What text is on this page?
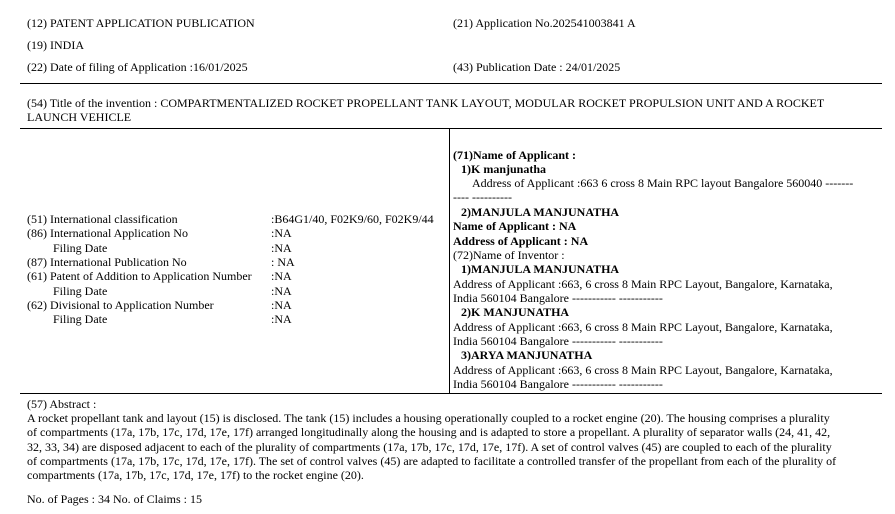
(12) PATENT APPLICATION PUBLICATION
(19) INDIA
(22) Date of filing of Application :16/01/2025
(21) Application No.202541003841 A
(43) Publication Date : 24/01/2025
(54) Title of the invention : COMPARTMENTALIZED ROCKET PROPELLANT TANK LAYOUT, MODULAR ROCKET PROPULSION UNIT AND A ROCKET
LAUNCH VEHICLE
(51) International classification	:B64G1/40, F02K9/60, F02K9/44
(86) International Application No	:NA
Filing Date	:NA
(87) International Publication No	: NA
(61) Patent of Addition to Application Number :NA
Filing Date	:NA
(62) Divisional to Application Number	:NA
Filing Date	:NA
(71)Name of Applicant :
1)K manjunatha
Address of Applicant :663 6 cross 8 Main RPC layout Bangalore 560040 -------
---- ----------
2)MANJULA MANJUNATHA
Name of Applicant : NA
Address of Applicant : NA
(72)Name of Inventor :
1)MANJULA MANJUNATHA
Address of Applicant :663, 6 cross 8 Main RPC Layout, Bangalore, Karnataka,
India 560104 Bangalore ----------- -----------
2)K MANJUNATHA
Address of Applicant :663, 6 cross 8 Main RPC Layout, Bangalore, Karnataka,
India 560104 Bangalore ----------- -----------
3)ARYA MANJUNATHA
Address of Applicant :663, 6 cross 8 Main RPC Layout, Bangalore, Karnataka,
India 560104 Bangalore ----------- -----------
(57) Abstract :
A rocket propellant tank and layout (15) is disclosed. The tank (15) includes a housing operationally coupled to a rocket engine (20). The housing comprises a plurality
of compartments (17a, 17b, 17c, 17d, 17e, 17f) arranged longitudinally along the housing and is adapted to store a propellant. A plurality of separator walls (24, 41, 42,
32, 33, 34) are disposed adjacent to each of the plurality of compartments (17a, 17b, 17c, 17d, 17e, 17f). A set of control valves (45) are coupled to each of the plurality
of compartments (17a, 17b, 17c, 17d, 17e, 17f). The set of control valves (45) are adapted to facilitate a controlled transfer of the propellant from each of the plurality of
compartments (17a, 17b, 17c, 17d, 17e, 17f) to the rocket engine (20).
No. of Pages : 34 No. of Claims : 15
